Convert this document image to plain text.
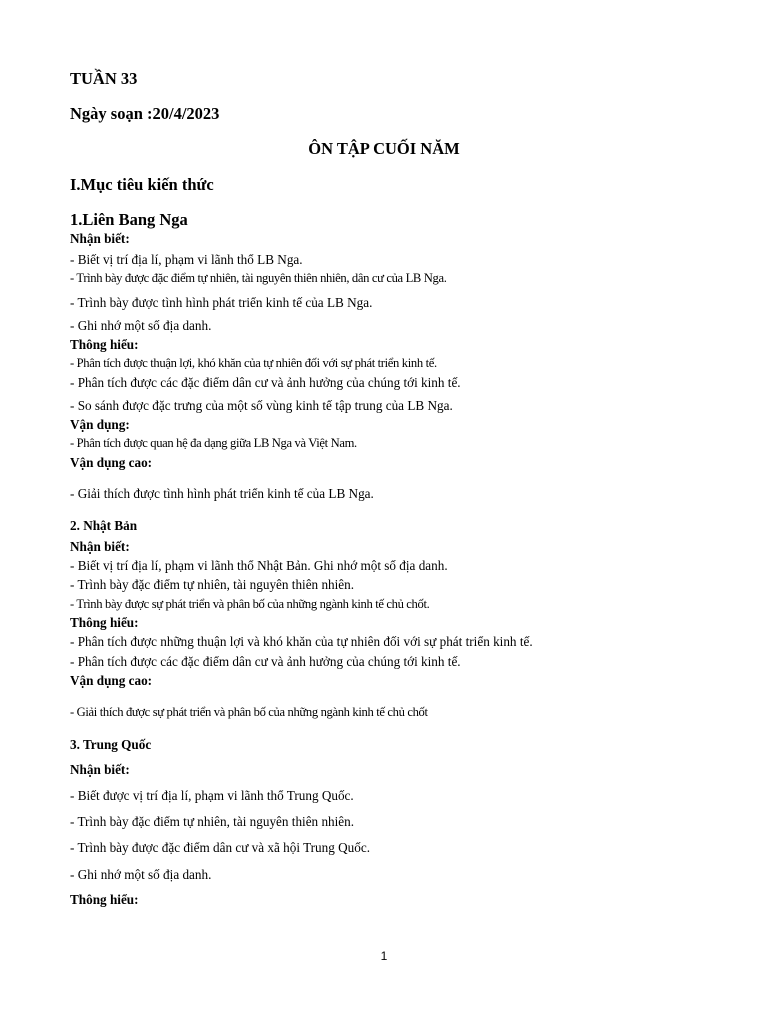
TUẦN 33
Ngày soạn :20/4/2023
ÔN TẬP CUỐI NĂM
I.Mục tiêu kiến thức
1.Liên Bang Nga
Nhận biết:
- Biết vị trí địa lí, phạm vi lãnh thổ LB Nga.
- Trình bày được đặc điểm tự nhiên, tài nguyên thiên nhiên, dân cư của LB Nga.
- Trình bày được tình hình phát triển kinh tế của LB Nga.
- Ghi nhớ một số địa danh.
Thông hiểu:
- Phân tích được thuận lợi, khó khăn của tự nhiên đối với sự phát triển kinh tế.
- Phân tích được các đặc điểm dân cư và ảnh hưởng của chúng tới kinh tế.
- So sánh được đặc trưng của một số vùng kinh tế tập trung của LB Nga.
Vận dụng:
- Phân tích được quan hệ đa dạng giữa LB Nga và Việt Nam.
Vận dụng cao:
- Giải thích được tình hình phát triển kinh tế của LB Nga.
2. Nhật Bản
Nhận biết:
- Biết vị trí địa lí, phạm vi lãnh thổ Nhật Bản. Ghi nhớ một số địa danh.
- Trình bày đặc điểm tự nhiên, tài nguyên thiên nhiên.
- Trình bày được sự phát triển và phân bố của những ngành kinh tế chủ chốt.
Thông hiểu:
- Phân tích được những thuận lợi và khó khăn của tự nhiên đối với sự phát triển kinh tế.
- Phân tích được các đặc điểm dân cư và ảnh hưởng của chúng tới kinh tế.
Vận dụng cao:
- Giải thích được sự phát triển và phân bố của những ngành kinh tế chủ chốt
3. Trung Quốc
Nhận biết:
- Biết được vị trí địa lí, phạm vi lãnh thổ Trung Quốc.
- Trình bày đặc điểm tự nhiên, tài nguyên thiên nhiên.
- Trình bày được đặc điểm dân cư và xã hội Trung Quốc.
- Ghi nhớ một số địa danh.
Thông hiểu:
1
